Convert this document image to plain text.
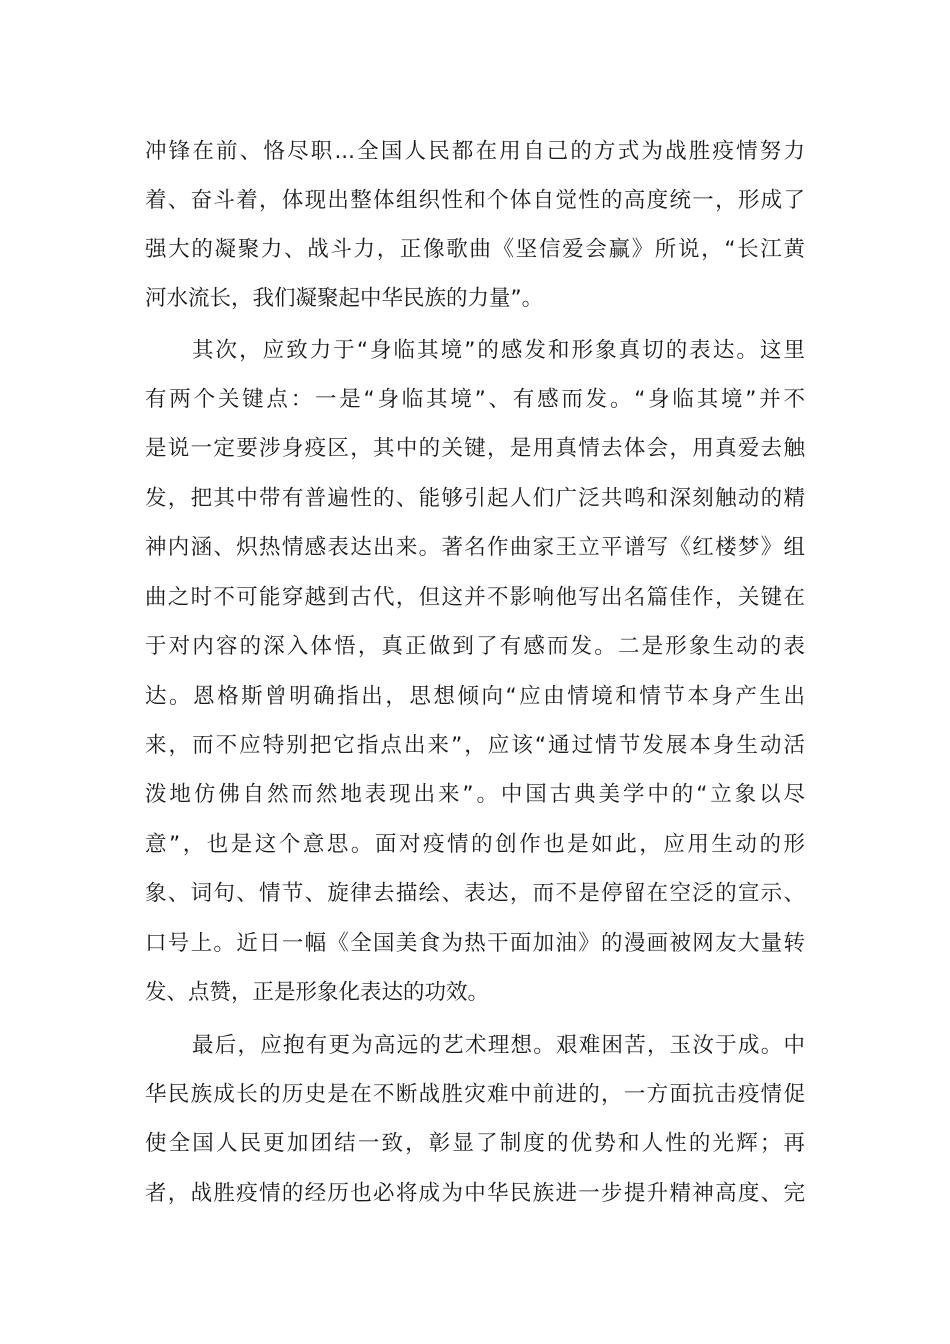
冲锋在前、恪尽职...全国人民都在用自己的方式为战胜疫情努力
着、奋斗着，体现出整体组织性和个体自觉性的高度统一，形成了
强大的凝聚力、战斗力，正像歌曲《坚信爱会赢》所说，“长江黄
河水流长，我们凝聚起中华民族的力量”。
其次，应致力于“身临其境”的感发和形象真切的表达。这里
有两个关键点：一是“身临其境”、有感而发。“身临其境”并不
是说一定要涉身疫区，其中的关键，是用真情去体会，用真爱去触
发，把其中带有普遍性的、能够引起人们广泛共鸣和深刻触动的精
神内涵、炽热情感表达出来。著名作曲家王立平谱写《红楼梦》组
曲之时不可能穿越到古代，但这并不影响他写出名篇佳作，关键在
于对内容的深入体悟，真正做到了有感而发。二是形象生动的表
达。恩格斯曾明确指出，思想倾向“应由情境和情节本身产生出
来，而不应特别把它指点出来”，应该“通过情节发展本身生动活
泼地仿佛自然而然地表现出来”。中国古典美学中的“立象以尽
意”，也是这个意思。面对疫情的创作也是如此，应用生动的形
象、词句、情节、旋律去描绘、表达，而不是停留在空泛的宣示、
口号上。近日一幅《全国美食为热干面加油》的漫画被网友大量转
发、点赞，正是形象化表达的功效。
最后，应抱有更为高远的艺术理想。艰难困苦，玉汝于成。中
华民族成长的历史是在不断战胜灾难中前进的，一方面抗击疫情促
使全国人民更加团结一致，彰显了制度的优势和人性的光辉；再
者，战胜疫情的经历也必将成为中华民族进一步提升精神高度、完
